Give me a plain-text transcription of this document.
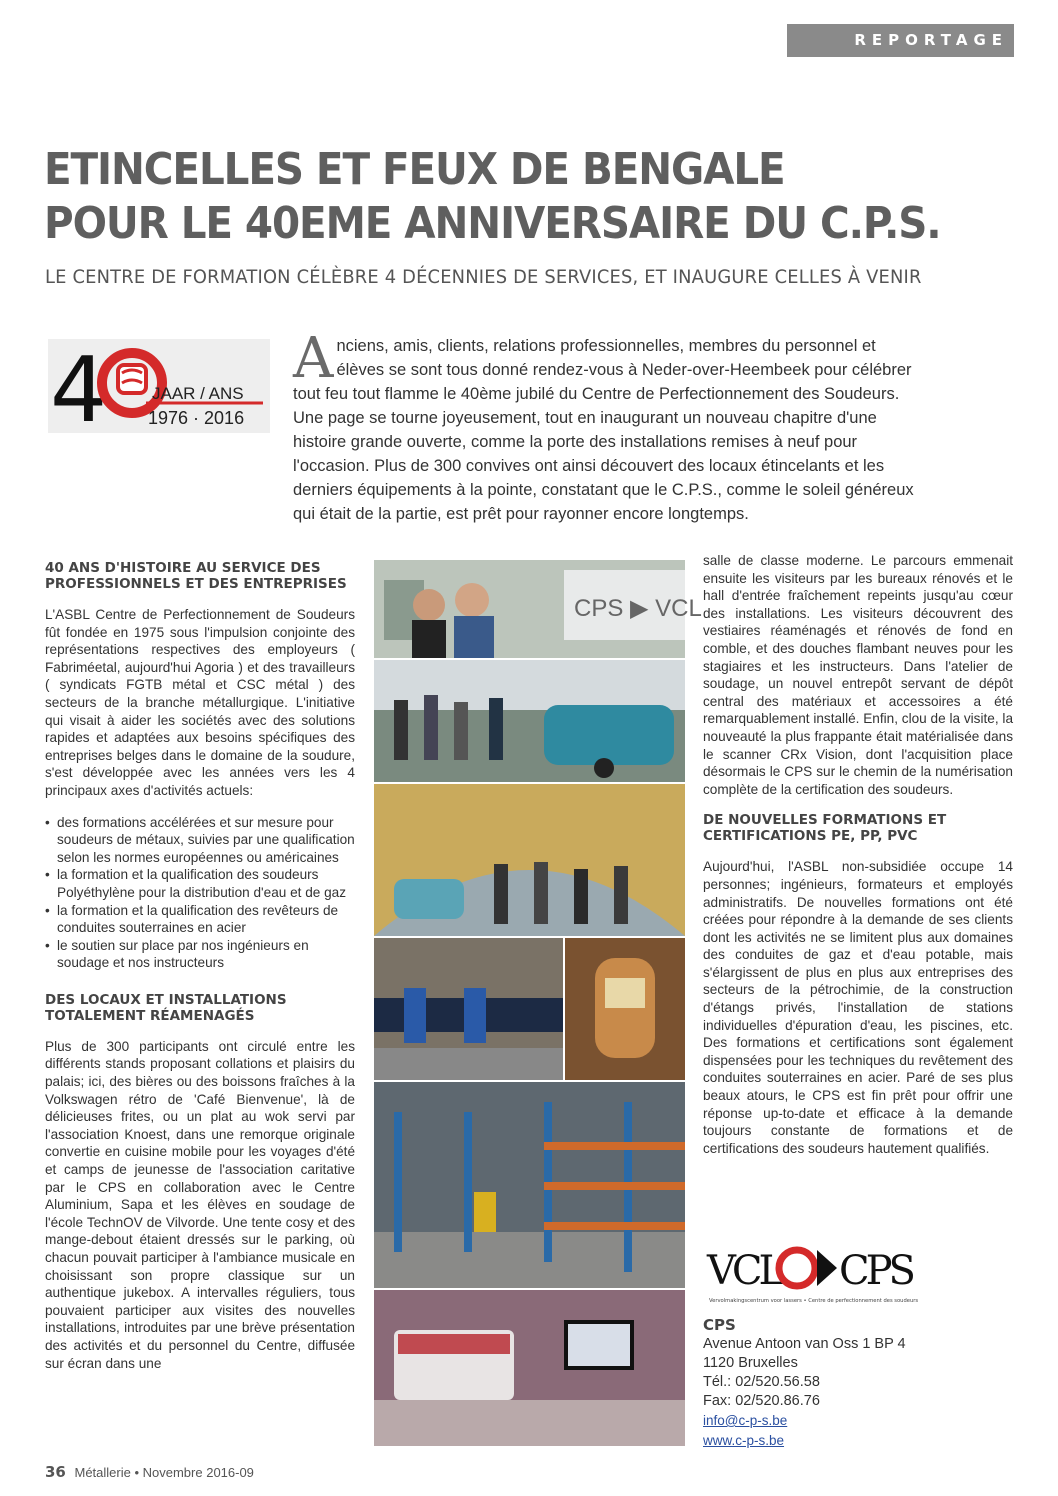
REPORTAGE
ETINCELLES ET FEUX DE BENGALE
POUR LE 40EME ANNIVERSAIRE DU C.P.S.
LE CENTRE DE FORMATION CÉLÈBRE 4 DÉCENNIES DE SERVICES, ET INAUGURE CELLES À VENIR
4	JAAR / ANS
1976 · 2016
Anciens, amis, clients, relations professionnelles, membres du personnel et élèves se sont tous donné rendez-vous à Neder-over-Heembeek pour célébrer tout feu tout flamme le 40ème jubilé du Centre de Perfectionnement des Soudeurs. Une page se tourne joyeusement, tout en inaugurant un nouveau chapitre d'une histoire grande ouverte, comme la porte des installations remises à neuf pour l'occasion. Plus de 300 convives ont ainsi découvert des locaux étincelants et les derniers équipements à la pointe, constatant que le C.P.S., comme le soleil généreux qui était de la partie, est prêt pour rayonner encore longtemps.
40 ANS D'HISTOIRE AU SERVICE DES PROFESSIONNELS ET DES ENTREPRISES

L'ASBL Centre de Perfectionnement de Soudeurs fût fondée en 1975 sous l'impulsion conjointe des représentations respectives des employeurs ( Fabriméetal, aujourd'hui Agoria ) et des travailleurs ( syndicats FGTB métal et CSC métal ) des secteurs de la branche métallurgique. L'initiative qui visait à aider les sociétés avec des solutions rapides et adaptées aux besoins spécifiques des entreprises belges dans le domaine de la soudure, s'est développée avec les années vers les 4 principaux axes d'activités actuels:

• des formations accélérées et sur mesure pour soudeurs de métaux, suivies par une qualification selon les normes européennes ou américaines
• la formation et la qualification des soudeurs Polyéthylène pour la distribution d'eau et de gaz
• la formation et la qualification des revêteurs de conduites souterraines en acier
• le soutien sur place par nos ingénieurs en soudage et nos instructeurs
DES LOCAUX ET INSTALLATIONS TOTALEMENT RÉAMENAGÉS

Plus de 300 participants ont circulé entre les différents stands proposant collations et plaisirs du palais; ici, des bières ou des boissons fraîches à la Volkswagen rétro de 'Café Bienvenue', là de délicieuses frites, ou un plat au wok servi par l'association Knoest, dans une remorque originale convertie en cuisine mobile pour les voyages d'été et camps de jeunesse de l'association caritative par le CPS en collaboration avec le Centre Aluminium, Sapa et les élèves en soudage de l'école TechnOV de Vilvorde. Une tente cosy et des mange-debout étaient dressés sur le parking, où chacun pouvait participer à l'ambiance musicale en choisissant son propre classique sur un authentique jukebox. A intervalles réguliers, tous pouvaient participer aux visites des nouvelles installations, introduites par une brève présentation des activités et du personnel du Centre, diffusée sur écran dans une

CPS ▶ VCL

salle de classe moderne. Le parcours emmenait ensuite les visiteurs par les bureaux rénovés et le hall d'entrée fraîchement repeints jusqu'au cœur des installations. Les visiteurs découvrent des vestiaires réaménagés et rénovés de fond en comble, et des douches flambant neuves pour les stagiaires et les instructeurs. Dans l'atelier de soudage, un nouvel entrepôt servant de dépôt central des matériaux et accessoires a été remarquablement installé. Enfin, clou de la visite, la nouveauté la plus frappante était matérialisée dans le scanner CRx Vision, dont l'acquisition place désormais le CPS sur le chemin de la numérisation complète de la certification des soudeurs.

DE NOUVELLES FORMATIONS ET CERTIFICATIONS PE, PP, PVC

Aujourd'hui, l'ASBL non-subsidiée occupe 14 personnes; ingénieurs, formateurs et employés administratifs. De nouvelles formations ont été créées pour répondre à la demande de ses clients dont les activités ne se limitent plus aux domaines des conduites de gaz et d'eau potable, mais s'élargissent de plus en plus aux entreprises des secteurs de la pétrochimie, de la construction d'étangs privés, l'installation de stations individuelles d'épuration d'eau, les piscines, etc. Des formations et certifications sont également dispensées pour les techniques du revêtement des conduites souterraines en acier. Paré de ses plus beaux atours, le CPS est fin prêt pour offrir une réponse up-to-date et efficace à la demande toujours constante de formations et de certifications des soudeurs hautement qualifiés.

VCL CPS
Vervolmakingscentrum voor lassers • Centre de perfectionnement des soudeurs
CPS
Avenue Antoon van Oss 1 BP 4
1120 Bruxelles
Tél.: 02/520.56.58
Fax: 02/520.86.76
info@c-p-s.be
www.c-p-s.be
36 Métallerie • Novembre 2016-09
